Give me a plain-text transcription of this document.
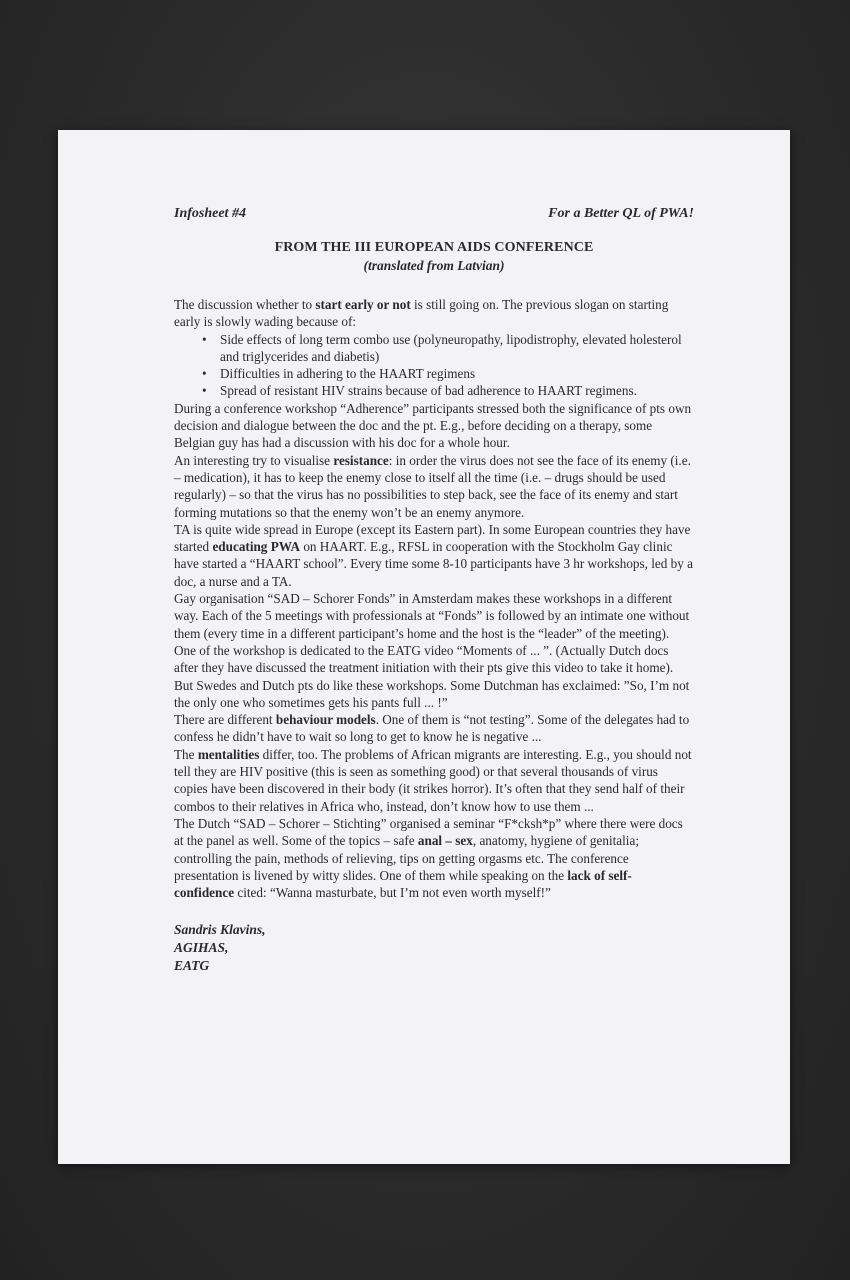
Infosheet #4	For a Better QL of PWA!
FROM THE III EUROPEAN AIDS CONFERENCE
(translated from Latvian)

The discussion whether to start early or not is still going on. The previous slogan on starting early is slowly wading because of:

• Side effects of long term combo use (polyneuropathy, lipodistrophy, elevated holesterol and triglycerides and diabetis)
• Difficulties in adhering to the HAART regimens
• Spread of resistant HIV strains because of bad adherence to HAART regimens.

During a conference workshop “Adherence” participants stressed both the significance of pts own decision and dialogue between the doc and the pt. E.g., before deciding on a therapy, some Belgian guy has had a discussion with his doc for a whole hour.

An interesting try to visualise resistance: in order the virus does not see the face of its enemy (i.e. – medication), it has to keep the enemy close to itself all the time (i.e. – drugs should be used regularly) – so that the virus has no possibilities to step back, see the face of its enemy and start forming mutations so that the enemy won’t be an enemy anymore.

TA is quite wide spread in Europe (except its Eastern part). In some European countries they have started educating PWA on HAART. E.g., RFSL in cooperation with the Stockholm Gay clinic have started a “HAART school”. Every time some 8-10 participants have 3 hr workshops, led by a doc, a nurse and a TA.

Gay organisation “SAD – Schorer Fonds” in Amsterdam makes these workshops in a different way. Each of the 5 meetings with professionals at “Fonds” is followed by an intimate one without them (every time in a different participant’s home and the host is the “leader” of the meeting). One of the workshop is dedicated to the EATG video “Moments of ... ”. (Actually Dutch docs after they have discussed the treatment initiation with their pts give this video to take it home).

But Swedes and Dutch pts do like these workshops. Some Dutchman has exclaimed: ”So, I’m not the only one who sometimes gets his pants full ... !”

There are different behaviour models. One of them is “not testing”. Some of the delegates had to confess he didn’t have to wait so long to get to know he is negative ...

The mentalities differ, too. The problems of African migrants are interesting. E.g., you should not tell they are HIV positive (this is seen as something good) or that several thousands of virus copies have been discovered in their body (it strikes horror). It’s often that they send half of their combos to their relatives in Africa who, instead, don’t know how to use them ...

The Dutch “SAD – Schorer – Stichting” organised a seminar “F*cksh*p” where there were docs at the panel as well. Some of the topics – safe anal – sex, anatomy, hygiene of genitalia; controlling the pain, methods of relieving, tips on getting orgasms etc. The conference presentation is livened by witty slides. One of them while speaking on the lack of self- confidence cited: “Wanna masturbate, but I’m not even worth myself!”

Sandris Klavins,
AGIHAS,
EATG
